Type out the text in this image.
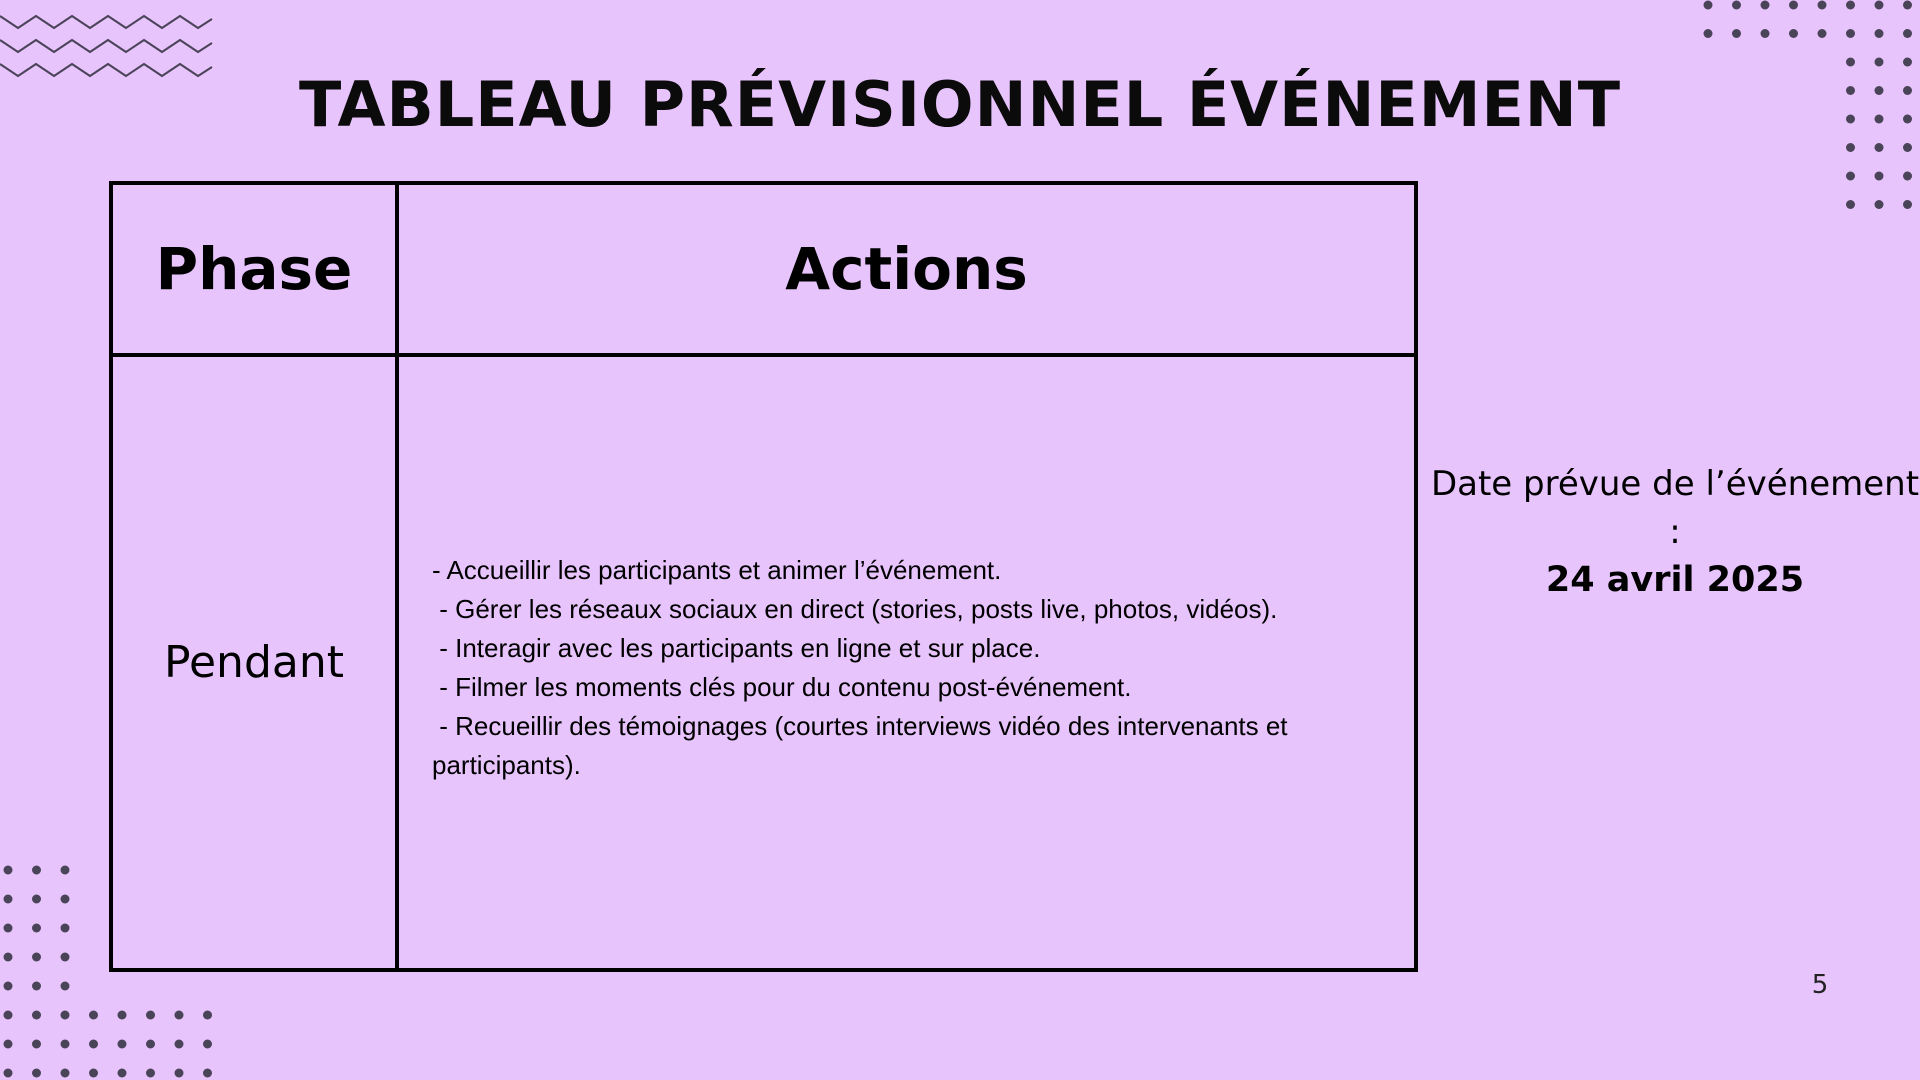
TABLEAU PRÉVISIONNEL ÉVÉNEMENT
Phase	Actions
Pendant	- Accueillir les participants et animer l’événement.
- Gérer les réseaux sociaux en direct (stories, posts live, photos, vidéos).
- Interagir avec les participants en ligne et sur place.
- Filmer les moments clés pour du contenu post-événement.
- Recueillir des témoignages (courtes interviews vidéo des intervenants et participants).
Date prévue de l’événement :
24 avril 2025
5
